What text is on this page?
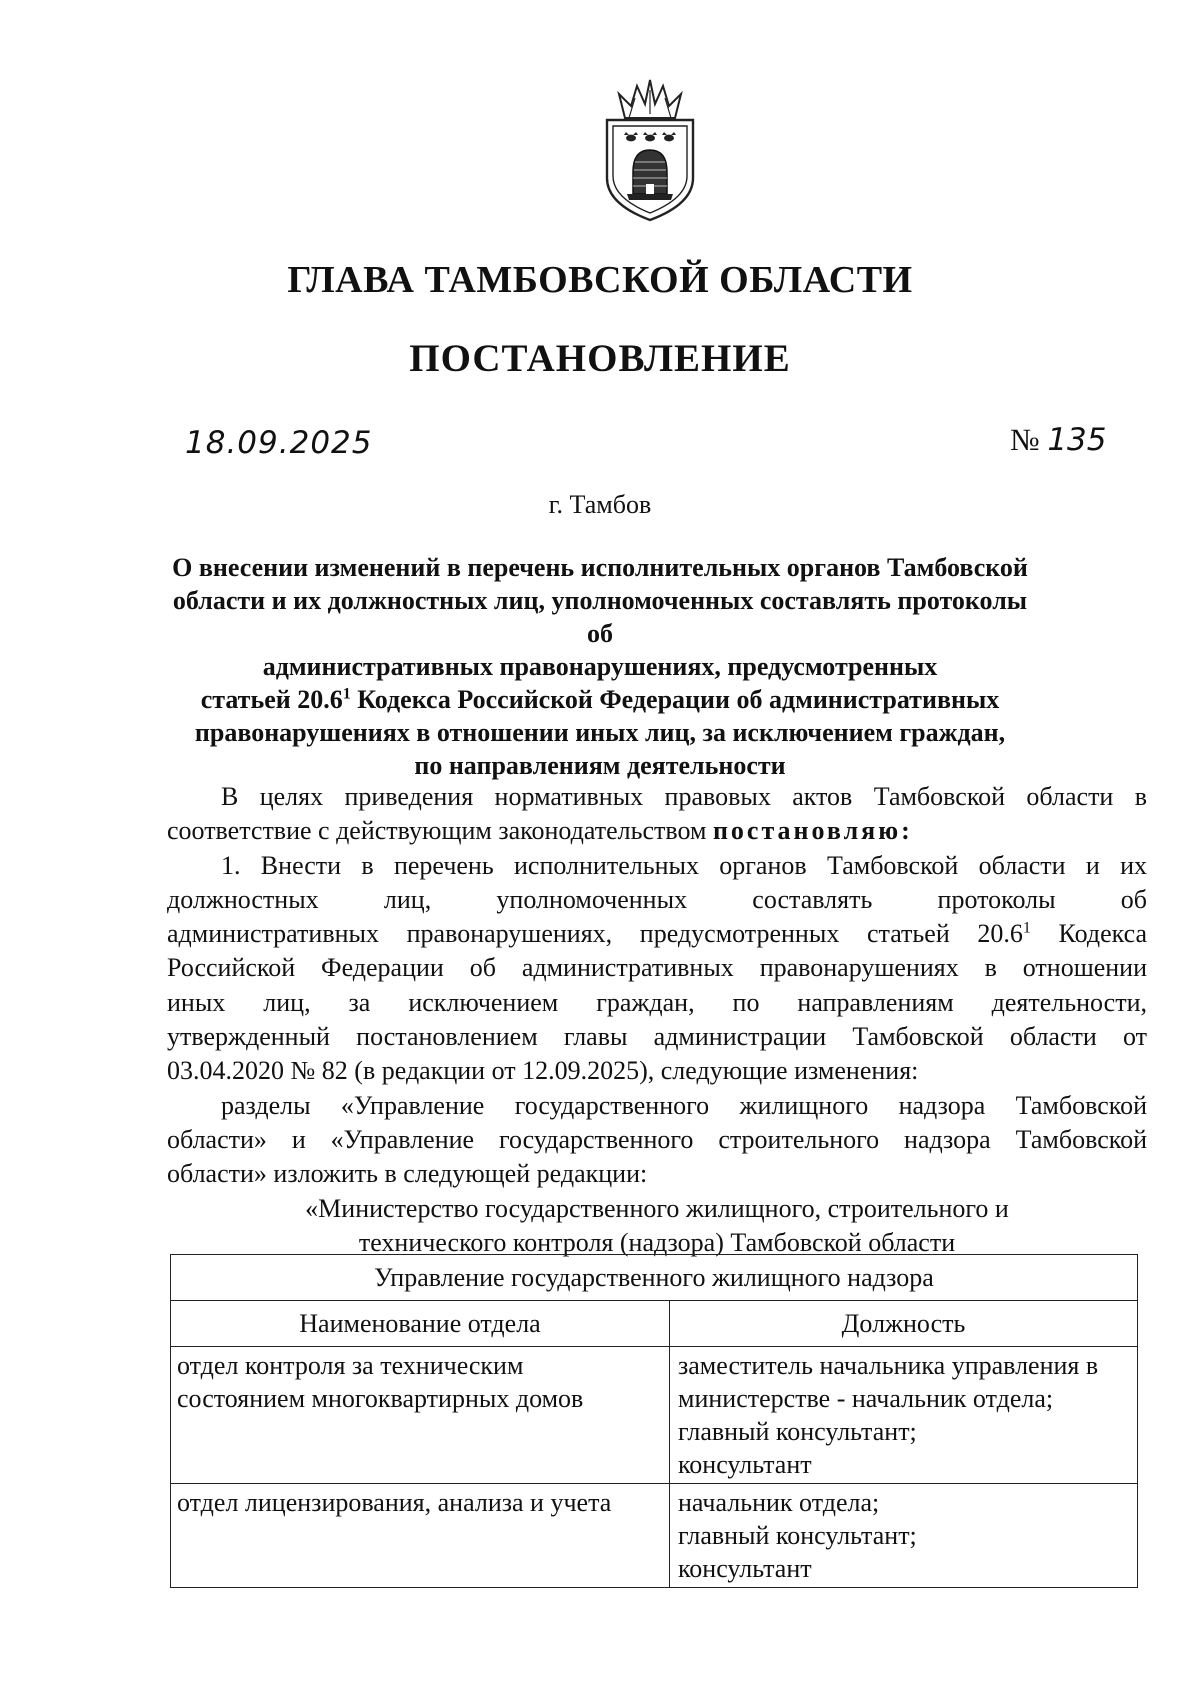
ГЛАВА ТАМБОВСКОЙ ОБЛАСТИ
ПОСТАНОВЛЕНИЕ
18.09.2025	№ 135
г. Тамбов
О внесении изменений в перечень исполнительных органов Тамбовской
области и их должностных лиц, уполномоченных составлять протоколы об
административных правонарушениях, предусмотренных
статьей 20.6$^1$ Кодекса Российской Федерации об административных
правонарушениях в отношении иных лиц, за исключением граждан,
по направлениям деятельности
В целях приведения нормативных правовых актов Тамбовской области в
соответствие с действующим законодательством постановляю:
1. Внести в перечень исполнительных органов Тамбовской области и их
должностных лиц, уполномоченных составлять протоколы об
административных правонарушениях, предусмотренных статьей 20.6$^1$ Кодекса
Российской Федерации об административных правонарушениях в отношении
иных лиц, за исключением граждан, по направлениям деятельности,
утвержденный постановлением главы администрации Тамбовской области от
03.04.2020 № 82 (в редакции от 12.09.2025), следующие изменения:
разделы «Управление государственного жилищного надзора Тамбовской
области» и «Управление государственного строительного надзора Тамбовской
области» изложить в следующей редакции:
«Министерство государственного жилищного, строительного и
технического контроля (надзора) Тамбовской области
Управление государственного жилищного надзора	
Наименование отдела	Должность

отдел контроля за техническим
состоянием многоквартирных домов	заместитель начальника управления в
министерстве - начальник отдела;
главный консультант;
консультант

отдел лицензирования, анализа и учета	начальник отдела;
главный консультант;
консультант
